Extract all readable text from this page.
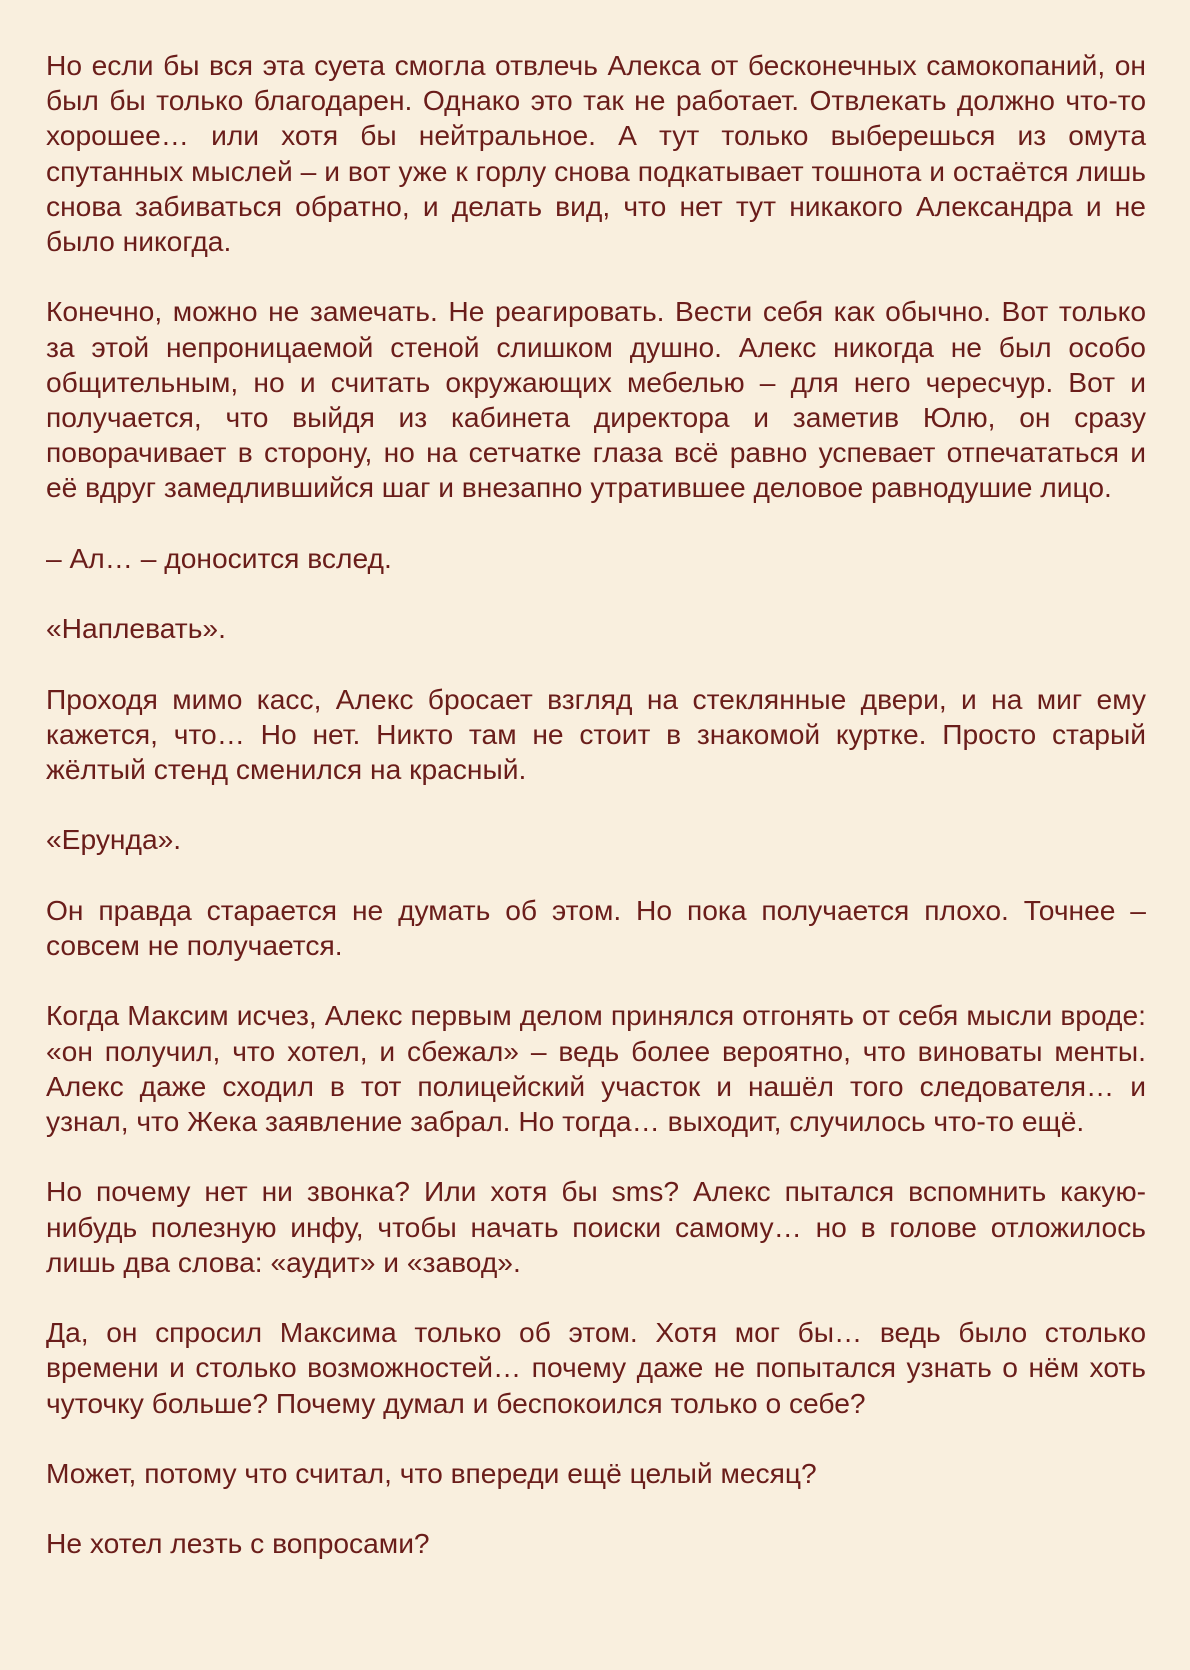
Но если бы вся эта суета смогла отвлечь Алекса от бесконечных самокопаний, он был бы только благодарен. Однако это так не работает. Отвлекать должно что-то хорошее… или хотя бы нейтральное. А тут только выберешься из омута спутанных мыслей – и вот уже к горлу снова подкатывает тошнота и остаётся лишь снова забиваться обратно, и делать вид, что нет тут никакого Александра и не было никогда.

Конечно, можно не замечать. Не реагировать. Вести себя как обычно. Вот только за этой непроницаемой стеной слишком душно. Алекс никогда не был особо общительным, но и считать окружающих мебелью – для него чересчур. Вот и получается, что выйдя из кабинета директора и заметив Юлю, он сразу поворачивает в сторону, но на сетчатке глаза всё равно успевает отпечататься и её вдруг замедлившийся шаг и внезапно утратившее деловое равнодушие лицо.

– Ал… – доносится вслед.

«Наплевать».

Проходя мимо касс, Алекс бросает взгляд на стеклянные двери, и на миг ему кажется, что… Но нет. Никто там не стоит в знакомой куртке. Просто старый жёлтый стенд сменился на красный.

«Ерунда».

Он правда старается не думать об этом. Но пока получается плохо. Точнее – совсем не получается.

Когда Максим исчез, Алекс первым делом принялся отгонять от себя мысли вроде: «он получил, что хотел, и сбежал» – ведь более вероятно, что виноваты менты. Алекс даже сходил в тот полицейский участок и нашёл того следователя… и узнал, что Жека заявление забрал. Но тогда… выходит, случилось что-то ещё.

Но почему нет ни звонка? Или хотя бы sms? Алекс пытался вспомнить какую-нибудь полезную инфу, чтобы начать поиски самому… но в голове отложилось лишь два слова: «аудит» и «завод».

Да, он спросил Максима только об этом. Хотя мог бы… ведь было столько времени и столько возможностей… почему даже не попытался узнать о нём хоть чуточку больше? Почему думал и беспокоился только о себе?

Может, потому что считал, что впереди ещё целый месяц?

Не хотел лезть с вопросами?
